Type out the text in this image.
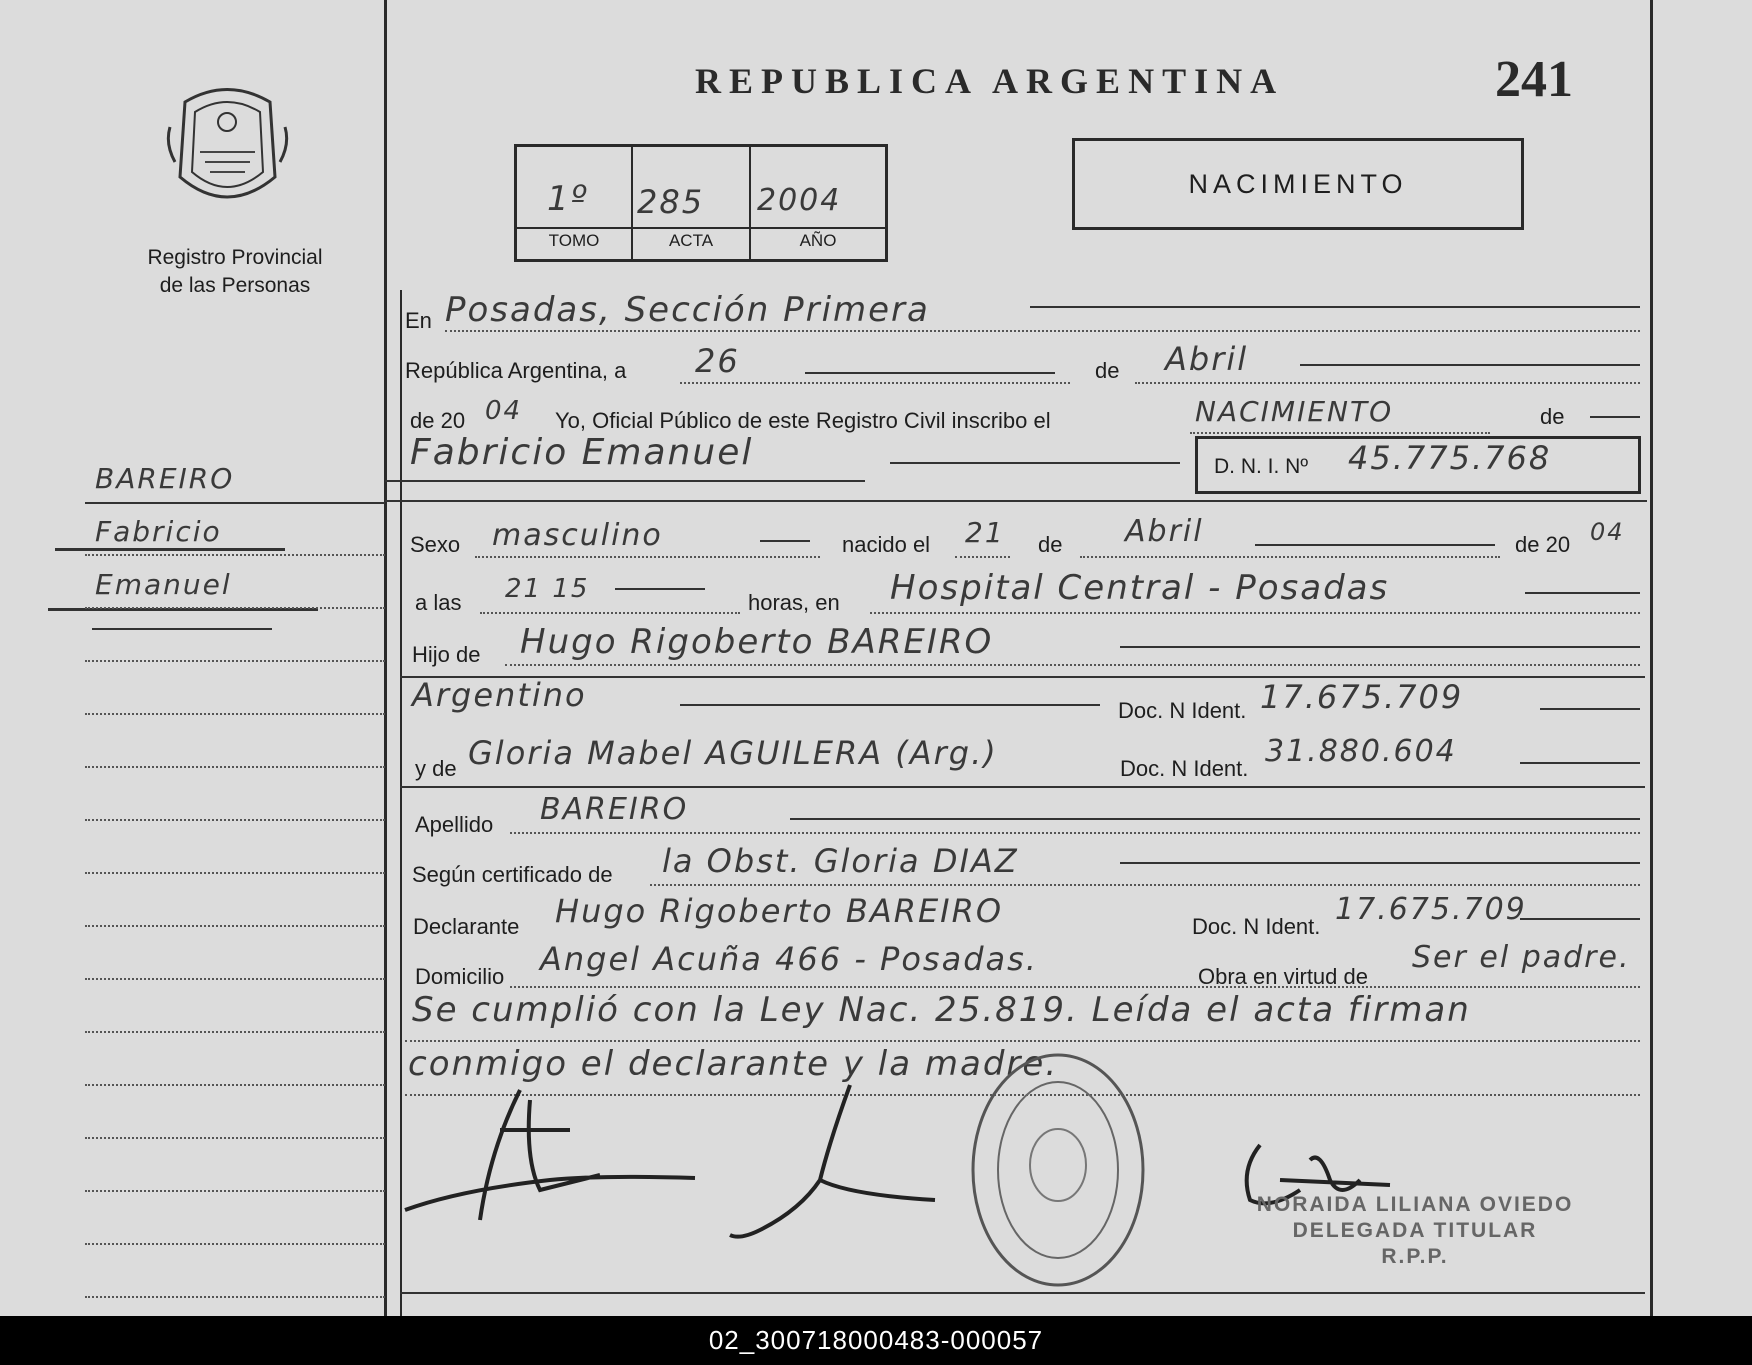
Registro Provincial
de las Personas
REPUBLICA ARGENTINA	241
1º 285 2004
TOMO	ACTA	AÑO
NACIMIENTO
BAREIRO
Fabricio
Emanuel
En Posadas, Sección Primera
República Argentina, a 26	de Abril
de 20 04 Yo, Oficial Público de este Registro Civil inscribo el	NACIMIENTO	de
Fabricio Emanuel	D. N. I. Nº 45.775.768
Sexo masculino	nacido el 21 de Abril	de 20 04
a las 21 15	horas, en Hospital Central - Posadas
Hijo de Hugo Rigoberto BAREIRO
Argentino	Doc. N Ident. 17.675.709
y de Gloria Mabel AGUILERA (Arg.)	Doc. N Ident. 31.880.604
Apellido BAREIRO
Según certificado de la Obst. Gloria DIAZ
Declarante Hugo Rigoberto BAREIRO	Doc. N Ident. 17.675.709
Domicilio Angel Acuña 466 - Posadas.	Obra en virtud de
Ser el padre.
Se cumplió con la Ley Nac. 25.819. Leída el acta firman
conmigo el declarante y la madre.
NORAIDA LILIANA OVIEDO
DELEGADA TITULAR
R.P.P.
02_300718000483-000057
